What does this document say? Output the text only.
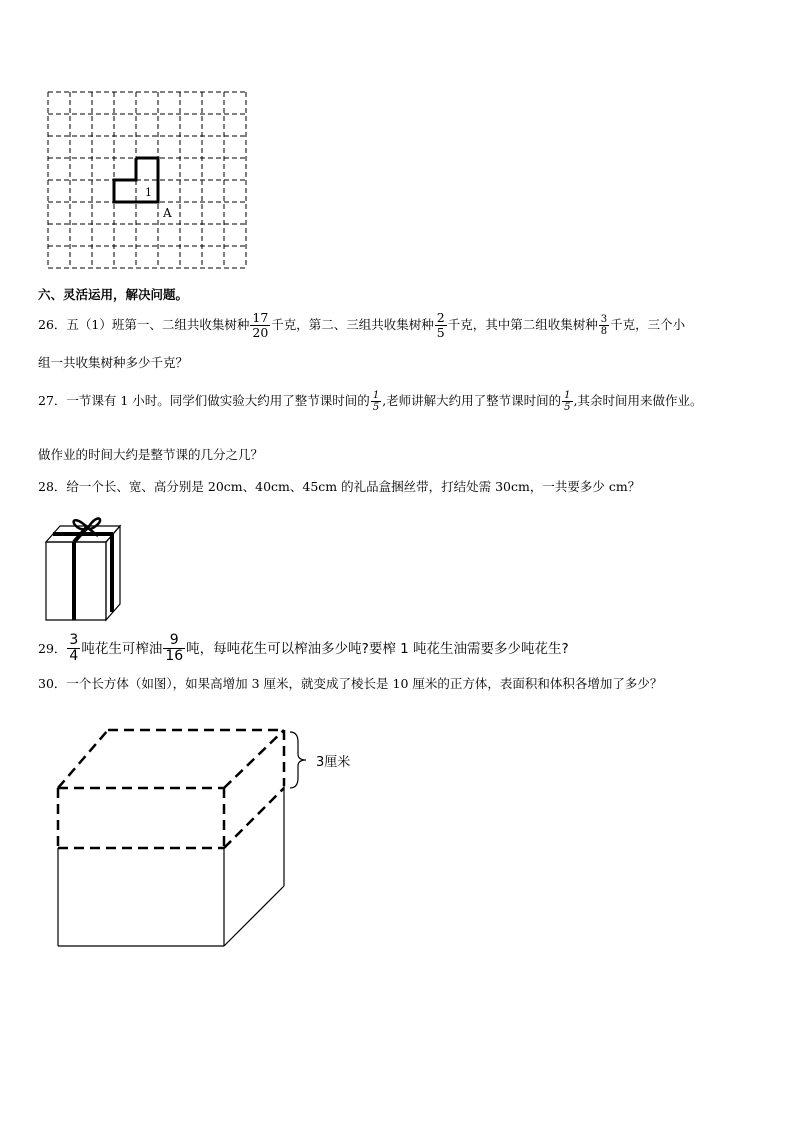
1
A
六、灵活运用，解决问题。
26．五（1）班第一、二组共收集树种 $\frac{17}{20}$ 千克，第二、三组共收集树种 $\frac{2}{5}$ 千克，其中第二组收集树种 $\frac{3}{8}$ 千克，三个小
组一共收集树种多少千克？
27．一节课有 1 小时。同学们做实验大约用了整节课时间的 $\frac{1}{5}$ ,老师讲解大约用了整节课时间的 $\frac{1}{5}$ ,其余时间用来做作业。
做作业的时间大约是整节课的几分之几？
28．给一个长、宽、高分别是 20cm、40cm、45cm 的礼品盒捆丝带，打结处需 30cm，一共要多少 cm？
29． $\frac{3}{4}$ 吨花生可榨油 $\frac{9}{16}$ 吨，每吨花生可以榨油多少吨?要榨 1 吨花生油需要多少吨花生?
30．一个长方体（如图），如果高增加 3 厘米，就变成了棱长是 10 厘米的正方体，表面积和体积各增加了多少？
3厘米
